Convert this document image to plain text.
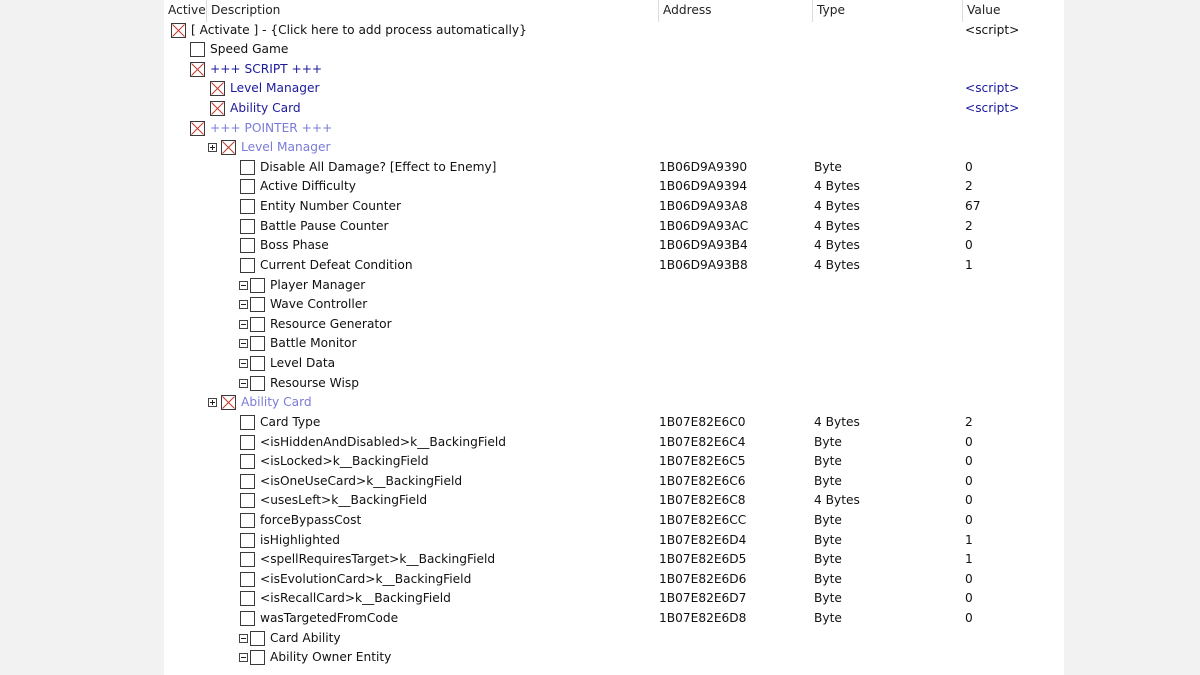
Active Description	Address	Type	Value
[ Activate ] - {Click here to add process automatically}	<script>
Speed Game
+++ SCRIPT +++
Level Manager	<script>
Ability Card	<script>
+++ POINTER +++
Level Manager
Disable All Damage? [Effect to Enemy]	1B06D9A9390	Byte	0
Active Difficulty	1B06D9A9394	4 Bytes	2
Entity Number Counter	1B06D9A93A8	4 Bytes	67
Battle Pause Counter	1B06D9A93AC	4 Bytes	2
Boss Phase	1B06D9A93B4	4 Bytes	0
Current Defeat Condition	1B06D9A93B8	4 Bytes	1
Player Manager
Wave Controller
Resource Generator
Battle Monitor
Level Data
Resourse Wisp
Ability Card
Card Type	1B07E82E6C0	4 Bytes	2
<isHiddenAndDisabled>k__BackingField	1B07E82E6C4	Byte	0
<isLocked>k__BackingField	1B07E82E6C5	Byte	0
<isOneUseCard>k__BackingField	1B07E82E6C6	Byte	0
<usesLeft>k__BackingField	1B07E82E6C8	4 Bytes	0
forceBypassCost	1B07E82E6CC	Byte	0
isHighlighted	1B07E82E6D4	Byte	1
<spellRequiresTarget>k__BackingField	1B07E82E6D5	Byte	1
<isEvolutionCard>k__BackingField	1B07E82E6D6	Byte	0
<isRecallCard>k__BackingField	1B07E82E6D7	Byte	0
wasTargetedFromCode	1B07E82E6D8	Byte	0
Card Ability
Ability Owner Entity
